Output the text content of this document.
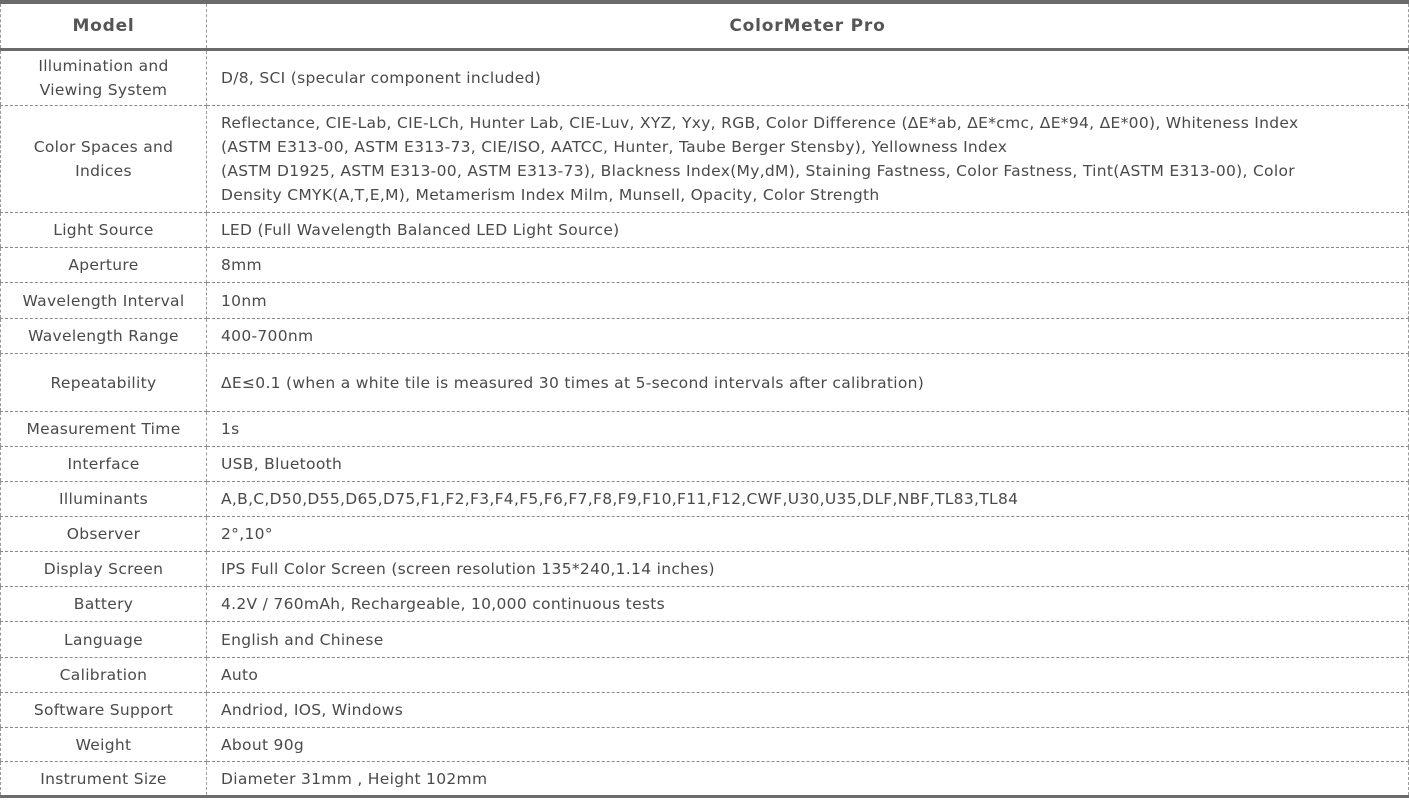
Model	ColorMeter Pro
Illumination and Viewing System	D/8, SCI (specular component included)

Color Spaces and Indices	Reflectance, CIE-Lab, CIE-LCh, Hunter Lab, CIE-Luv, XYZ, Yxy, RGB, Color Difference (ΔE*ab, ΔE*cmc, ΔE*94, ΔE*00), Whiteness Index
(ASTM E313-00, ASTM E313-73, CIE/ISO, AATCC, Hunter, Taube Berger Stensby), Yellowness Index
(ASTM D1925, ASTM E313-00, ASTM E313-73), Blackness Index(My,dM), Staining Fastness, Color Fastness, Tint(ASTM E313-00), Color
Density CMYK(A,T,E,M), Metamerism Index Milm, Munsell, Opacity, Color Strength

Light Source	LED (Full Wavelength Balanced LED Light Source)

Aperture	8mm

Wavelength Interval	10nm

Wavelength Range	400-700nm

Repeatability	ΔE≤0.1 (when a white tile is measured 30 times at 5-second intervals after calibration)

Measurement Time	1s

Interface	USB, Bluetooth

Illuminants	A,B,C,D50,D55,D65,D75,F1,F2,F3,F4,F5,F6,F7,F8,F9,F10,F11,F12,CWF,U30,U35,DLF,NBF,TL83,TL84

Observer	2°,10°

Display Screen	IPS Full Color Screen (screen resolution 135*240,1.14 inches)

Battery	4.2V / 760mAh, Rechargeable, 10,000 continuous tests

Language	English and Chinese

Calibration	Auto

Software Support	Andriod, IOS, Windows

Weight	About 90g

Instrument Size	Diameter 31mm , Height 102mm
